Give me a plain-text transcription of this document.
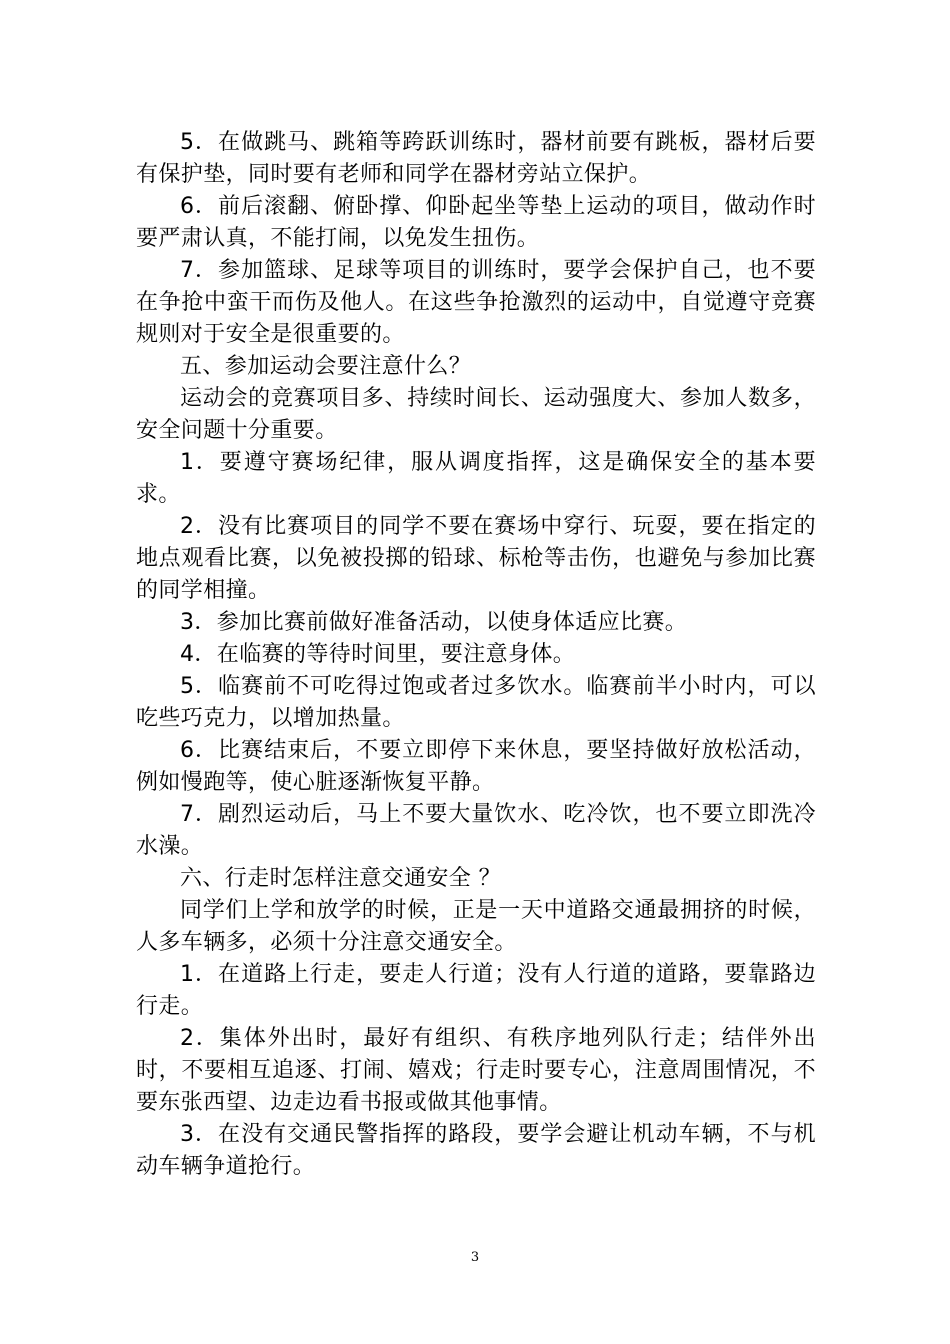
5．在做跳马、跳箱等跨跃训练时，器材前要有跳板，器材后要有保护垫，同时要有老师和同学在器材旁站立保护。

6．前后滚翻、俯卧撑、仰卧起坐等垫上运动的项目，做动作时要严肃认真，不能打闹，以免发生扭伤。

7．参加篮球、足球等项目的训练时，要学会保护自己，也不要在争抢中蛮干而伤及他人。在这些争抢激烈的运动中，自觉遵守竞赛规则对于安全是很重要的。

五、参加运动会要注意什么？

运动会的竞赛项目多、持续时间长、运动强度大、参加人数多，安全问题十分重要。

1．要遵守赛场纪律，服从调度指挥，这是确保安全的基本要求。

2．没有比赛项目的同学不要在赛场中穿行、玩耍，要在指定的地点观看比赛，以免被投掷的铅球、标枪等击伤，也避免与参加比赛的同学相撞。

3．参加比赛前做好准备活动，以使身体适应比赛。

4．在临赛的等待时间里，要注意身体。

5．临赛前不可吃得过饱或者过多饮水。临赛前半小时内，可以吃些巧克力，以增加热量。

6．比赛结束后，不要立即停下来休息，要坚持做好放松活动，例如慢跑等，使心脏逐渐恢复平静。

7．剧烈运动后，马上不要大量饮水、吃冷饮，也不要立即洗冷水澡。

六、行走时怎样注意交通安全 ？

同学们上学和放学的时候，正是一天中道路交通最拥挤的时候，人多车辆多，必须十分注意交通安全。

1．在道路上行走，要走人行道；没有人行道的道路，要靠路边行走。

2．集体外出时，最好有组织、有秩序地列队行走；结伴外出时，不要相互追逐、打闹、嬉戏；行走时要专心，注意周围情况，不要东张西望、边走边看书报或做其他事情。

3．在没有交通民警指挥的路段，要学会避让机动车辆，不与机动车辆争道抢行。

3
